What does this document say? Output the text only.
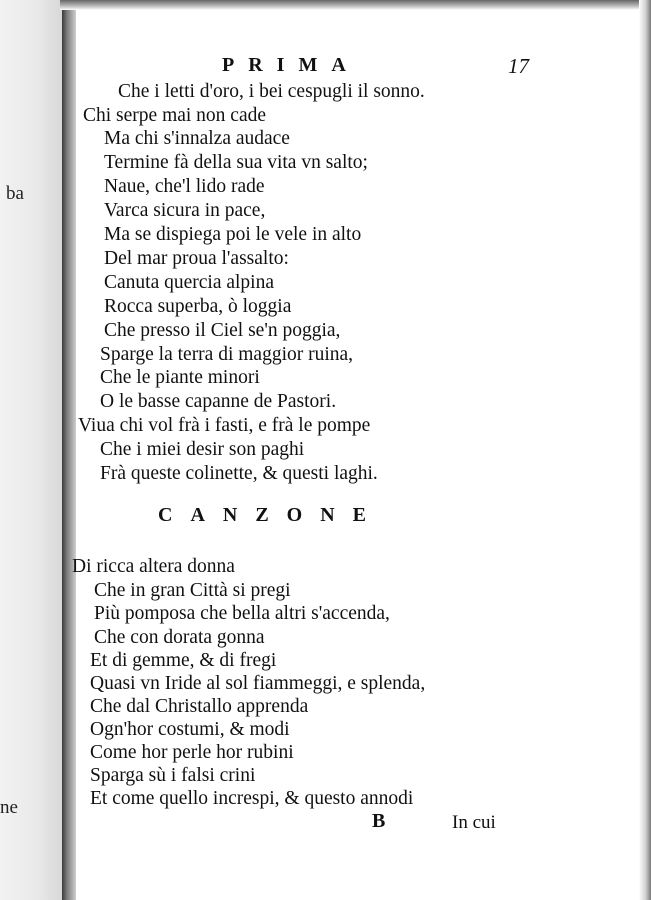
ba
ne
PRIMA	17
Che i letti d'oro, i bei cespugli il sonno.
Chi serpe mai non cade
Ma chi s'innalza audace
Termine fà della sua vita vn salto;
Naue, che'l lido rade
Varca sicura in pace,
Ma se dispiega poi le vele in alto
Del mar proua l'assalto:
Canuta quercia alpina
Rocca superba, ò loggia
Che presso il Ciel se'n poggia,
Sparge la terra di maggior ruina,
Che le piante minori
O le basse capanne de Pastori.
Viua chi vol frà i fasti, e frà le pompe
Che i miei desir son paghi
Frà queste colinette, & questi laghi.
CANZONE
Di ricca altera donna
Che in gran Città si pregi
Più pomposa che bella altri s'accenda,
Che con dorata gonna
Et di gemme, & di fregi
Quasi vn Iride al sol fiammeggi, e splenda,
Che dal Christallo apprenda
Ogn'hor costumi, & modi
Come hor perle hor rubini
Sparga sù i falsi crini
Et come quello increspi, & questo annodi
B	In cui
